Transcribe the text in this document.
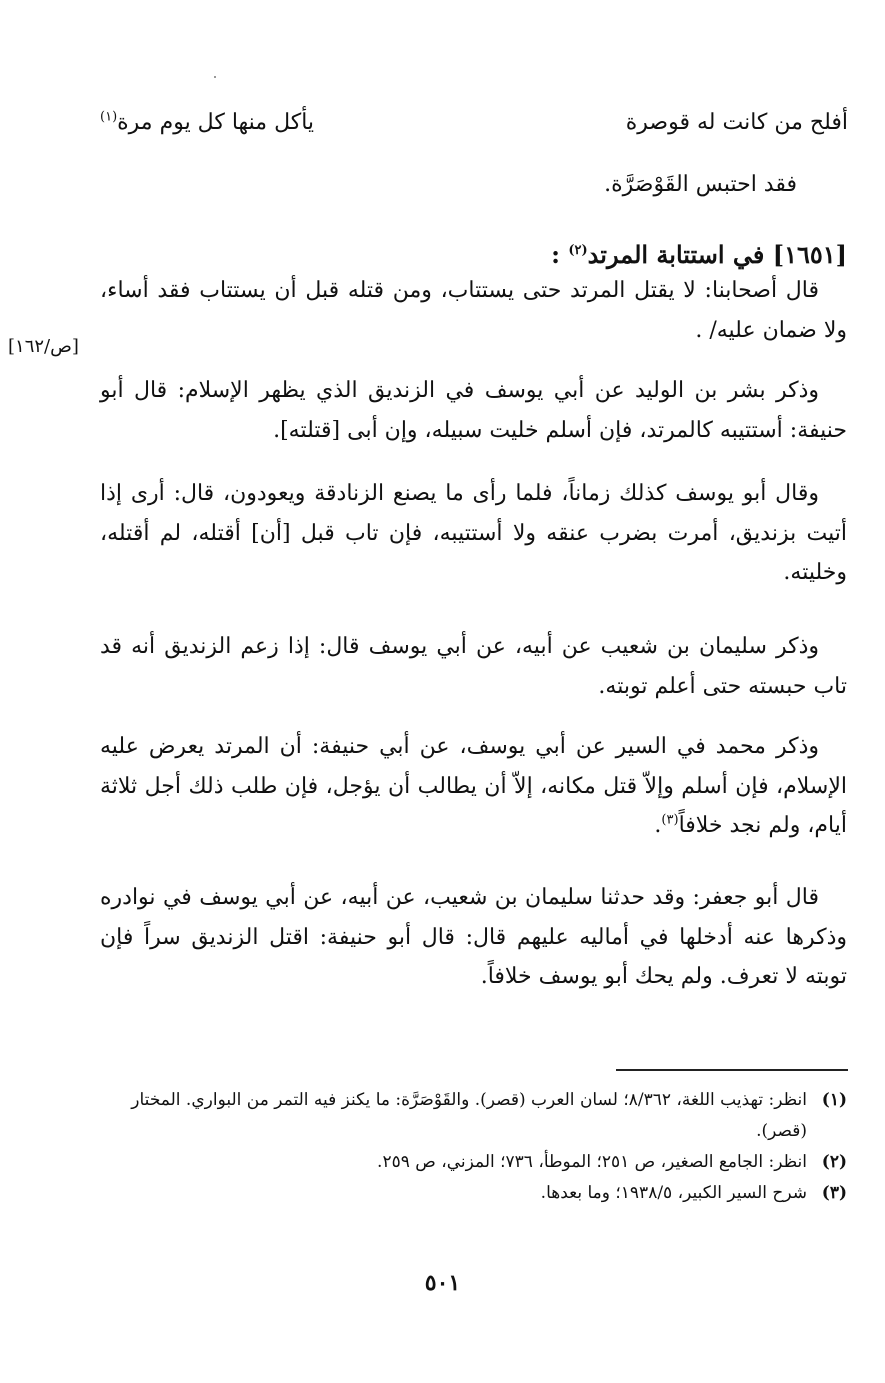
أفلح من كانت له قوصرة
يأكل منها كل يوم مرة$^{(١)}$
فقد احتبس القَوْصَرَّة.
[١٦٥١] في استتابة المرتد$^{(٢)}$ :
[ص/١٦٢]

قال أصحابنا: لا يقتل المرتد حتى يستتاب، ومن قتله قبل أن يستتاب فقد أساء، ولا ضمان عليه/ .

وذكر بشر بن الوليد عن أبي يوسف في الزنديق الذي يظهر الإسلام: قال أبو حنيفة: أستتيبه كالمرتد، فإن أسلم خليت سبيله، وإن أبى [قتلته].

وقال أبو يوسف كذلك زماناً، فلما رأى ما يصنع الزنادقة ويعودون، قال: أرى إذا أتيت بزنديق، أمرت بضرب عنقه ولا أستتيبه، فإن تاب قبل [أن] أقتله، لم أقتله، وخليته.

وذكر سليمان بن شعيب عن أبيه، عن أبي يوسف قال: إذا زعم الزنديق أنه قد تاب حبسته حتى أعلم توبته.

وذكر محمد في السير عن أبي يوسف، عن أبي حنيفة: أن المرتد يعرض عليه الإسلام، فإن أسلم وإلاّ قتل مكانه، إلاّ أن يطالب أن يؤجل، فإن طلب ذلك أجل ثلاثة أيام، ولم نجد خلافاً$^{(٣)}$.

قال أبو جعفر: وقد حدثنا سليمان بن شعيب، عن أبيه، عن أبي يوسف في نوادره وذكرها عنه أدخلها في أماليه عليهم قال: قال أبو حنيفة: اقتل الزنديق سراً فإن توبته لا تعرف. ولم يحك أبو يوسف خلافاً.

(١)
انظر: تهذيب اللغة، ٨/٣٦٢؛ لسان العرب (قصر). والقَوْصَرَّة: ما يكنز فيه التمر من البواري. المختار (قصر).
(٢)
انظر: الجامع الصغير، ص ٢٥١؛ الموطأ، ٧٣٦؛ المزني، ص ٢٥٩.
(٣)
شرح السير الكبير، ١٩٣٨/٥؛ وما بعدها.
٥٠١
